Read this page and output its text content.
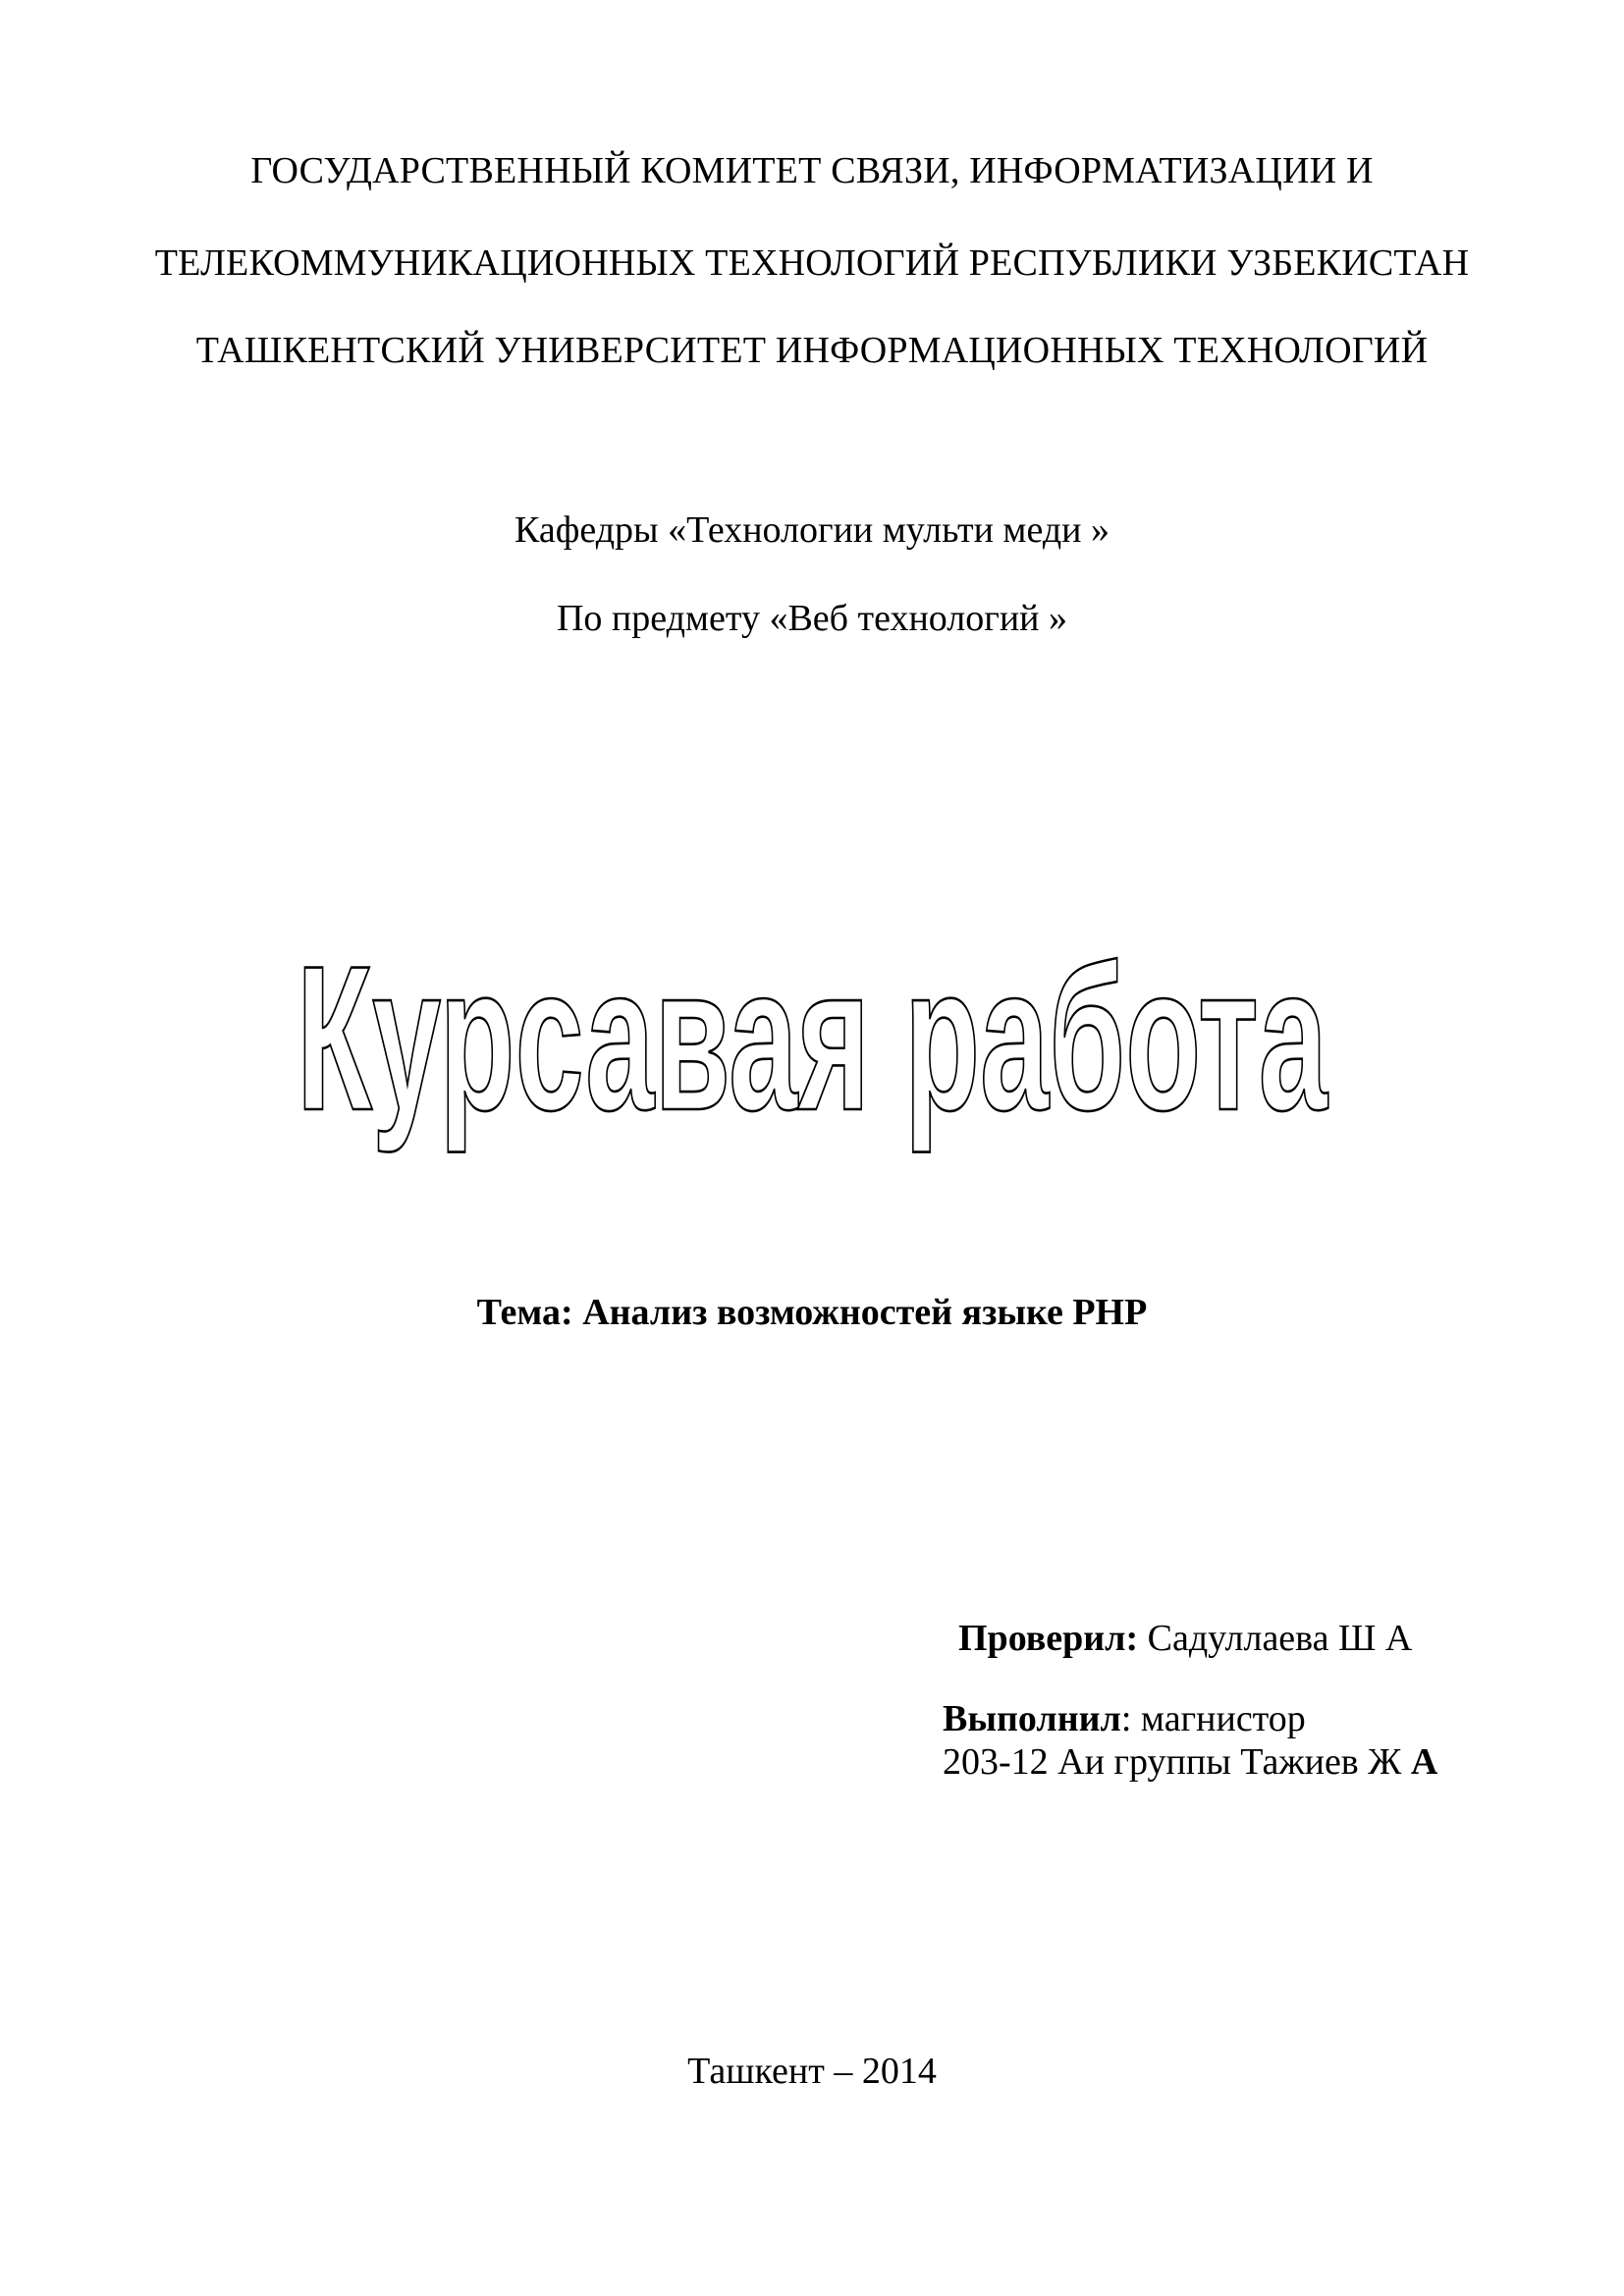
ГОСУДАРСТВЕННЫЙ КОМИТЕТ СВЯЗИ, ИНФОРМАТИЗАЦИИ И
ТЕЛЕКОММУНИКАЦИОННЫХ ТЕХНОЛОГИЙ РЕСПУБЛИКИ УЗБЕКИСТАН
ТАШКЕНТСКИЙ УНИВЕРСИТЕТ ИНФОРМАЦИОННЫХ ТЕХНОЛОГИЙ
Кафедры «Технологии мульти меди »
По предмету «Веб технологий »
Курсавая работа
Тема: Анализ возможностей языке PHP
Проверил: Садуллаева Ш А
Выполнил: магнистор
203-12 Аи группы Тажиев Ж А
Ташкент – 2014
